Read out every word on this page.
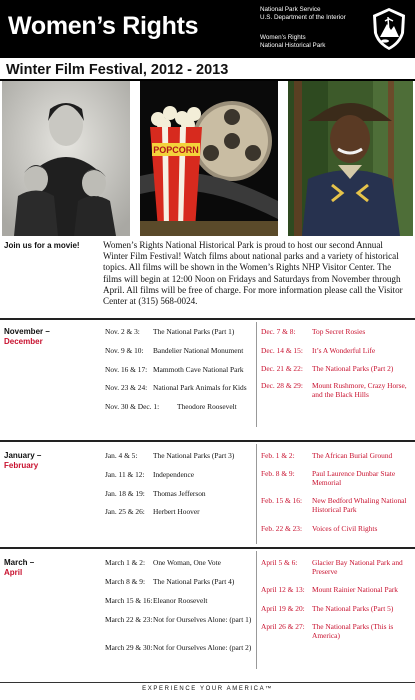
Women’s Rights
National Park Service
U.S. Department of the Interior
Women’s Rights
National Historical Park
Winter Film Festival, 2012 - 2013
POPCORN
Join us for a movie!	Women’s Rights National Historical Park is proud to host our second Annual Winter Film Festival! Watch films about national parks and a variety of historical topics. All films will be shown in the Women’s Rights NHP Visitor Center. The films will begin at 12:00 Noon on Fridays and Saturdays from November through April. All films will be free of charge. For more information please call the Visitor Center at (315) 568-0024.
November –
December
Nov. 2 & 3: The National Parks (Part 1)
Nov. 9 & 10: Bandelier National Monument
Nov. 16 & 17: Mammoth Cave National Park
Nov. 23 & 24: National Park Animals for Kids
Nov. 30 & Dec. 1: Theodore Roosevelt
Dec. 7 & 8: Top Secret Rosies
Dec. 14 & 15: It’s A Wonderful Life
Dec. 21 & 22: The National Parks (Part 2)
Dec. 28 & 29: Mount Rushmore, Crazy Horse, and the Black Hills
January –
February
Jan. 4 & 5: The National Parks (Part 3)
Jan. 11 & 12: Independence
Jan. 18 & 19: Thomas Jefferson
Jan. 25 & 26: Herbert Hoover
Feb. 1 & 2: The African Burial Ground
Feb. 8 & 9: Paul Laurence Dunbar State Memorial
Feb. 15 & 16: New Bedford Whaling National Historical Park
Feb. 22 & 23: Voices of Civil Rights
March –
April
March 1 & 2: One Woman, One Vote
March 8 & 9: The National Parks (Part 4)
March 15 & 16: Eleanor Roosevelt
March 22 & 23: Not for Ourselves Alone: (part 1)
March 29 & 30: Not for Ourselves Alone: (part 2)
April 5 & 6: Glacier Bay National Park and Preserve
April 12 & 13: Mount Rainier National Park
April 19 & 20: The National Parks (Part 5)
April 26 & 27: The National Parks (This is America)
EXPERIENCE YOUR AMERICA™
